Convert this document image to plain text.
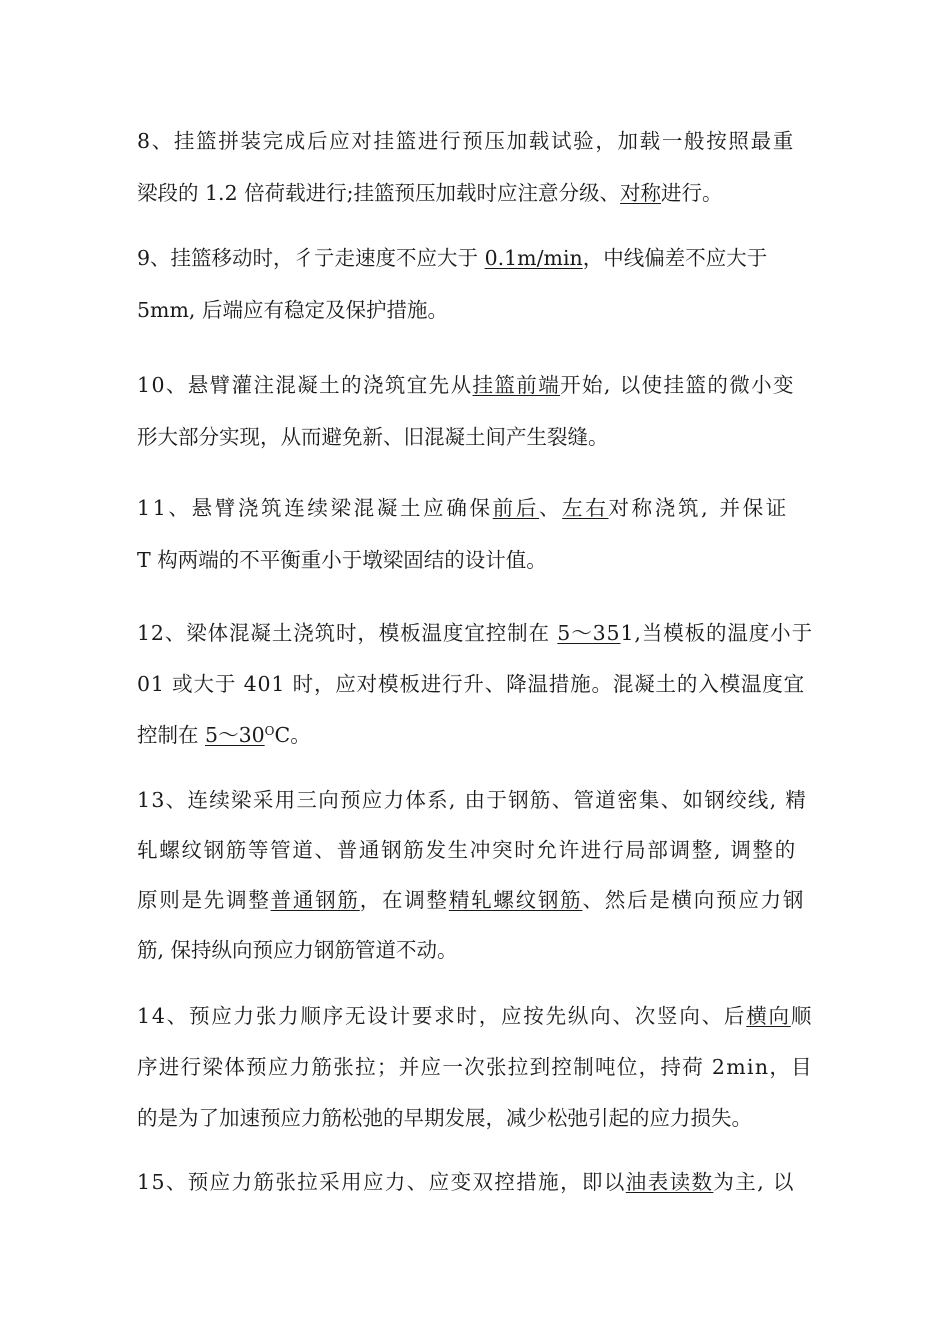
8、挂篮拼装完成后应对挂篮进行预压加载试验，加载一般按照最重
梁段的 1.2 倍荷载进行;挂篮预压加载时应注意分级、对称进行。
9、挂篮移动时，彳亍走速度不应大于 0.1m/min，中线偏差不应大于
5mm, 后端应有稳定及保护措施。
10、悬臂灌注混凝土的浇筑宜先从挂篮前端开始, 以使挂篮的微小变
形大部分实现，从而避免新、旧混凝土间产生裂缝。
11、悬臂浇筑连续梁混凝土应确保前后、左右对称浇筑, 并保证
T 构两端的不平衡重小于墩梁固结的设计值。
12、梁体混凝土浇筑时，模板温度宜控制在 5〜351,当模板的温度小于
01 或大于 401 时，应对模板进行升、降温措施。混凝土的入模温度宜
控制在 5〜$30^OC$。
13、连续梁采用三向预应力体系, 由于钢筋、管道密集、如钢绞线, 精
轧螺纹钢筋等管道、普通钢筋发生冲突时允许进行局部调整, 调整的
原则是先调整普通钢筋，在调整精轧螺纹钢筋、然后是横向预应力钢
筋, 保持纵向预应力钢筋管道不动。
14、预应力张力顺序无设计要求时，应按先纵向、次竖向、后横向顺
序进行梁体预应力筋张拉；并应一次张拉到控制吨位，持荷 2min，目
的是为了加速预应力筋松弛的早期发展，减少松弛引起的应力损失。
15、预应力筋张拉采用应力、应变双控措施，即以油表读数为主, 以
